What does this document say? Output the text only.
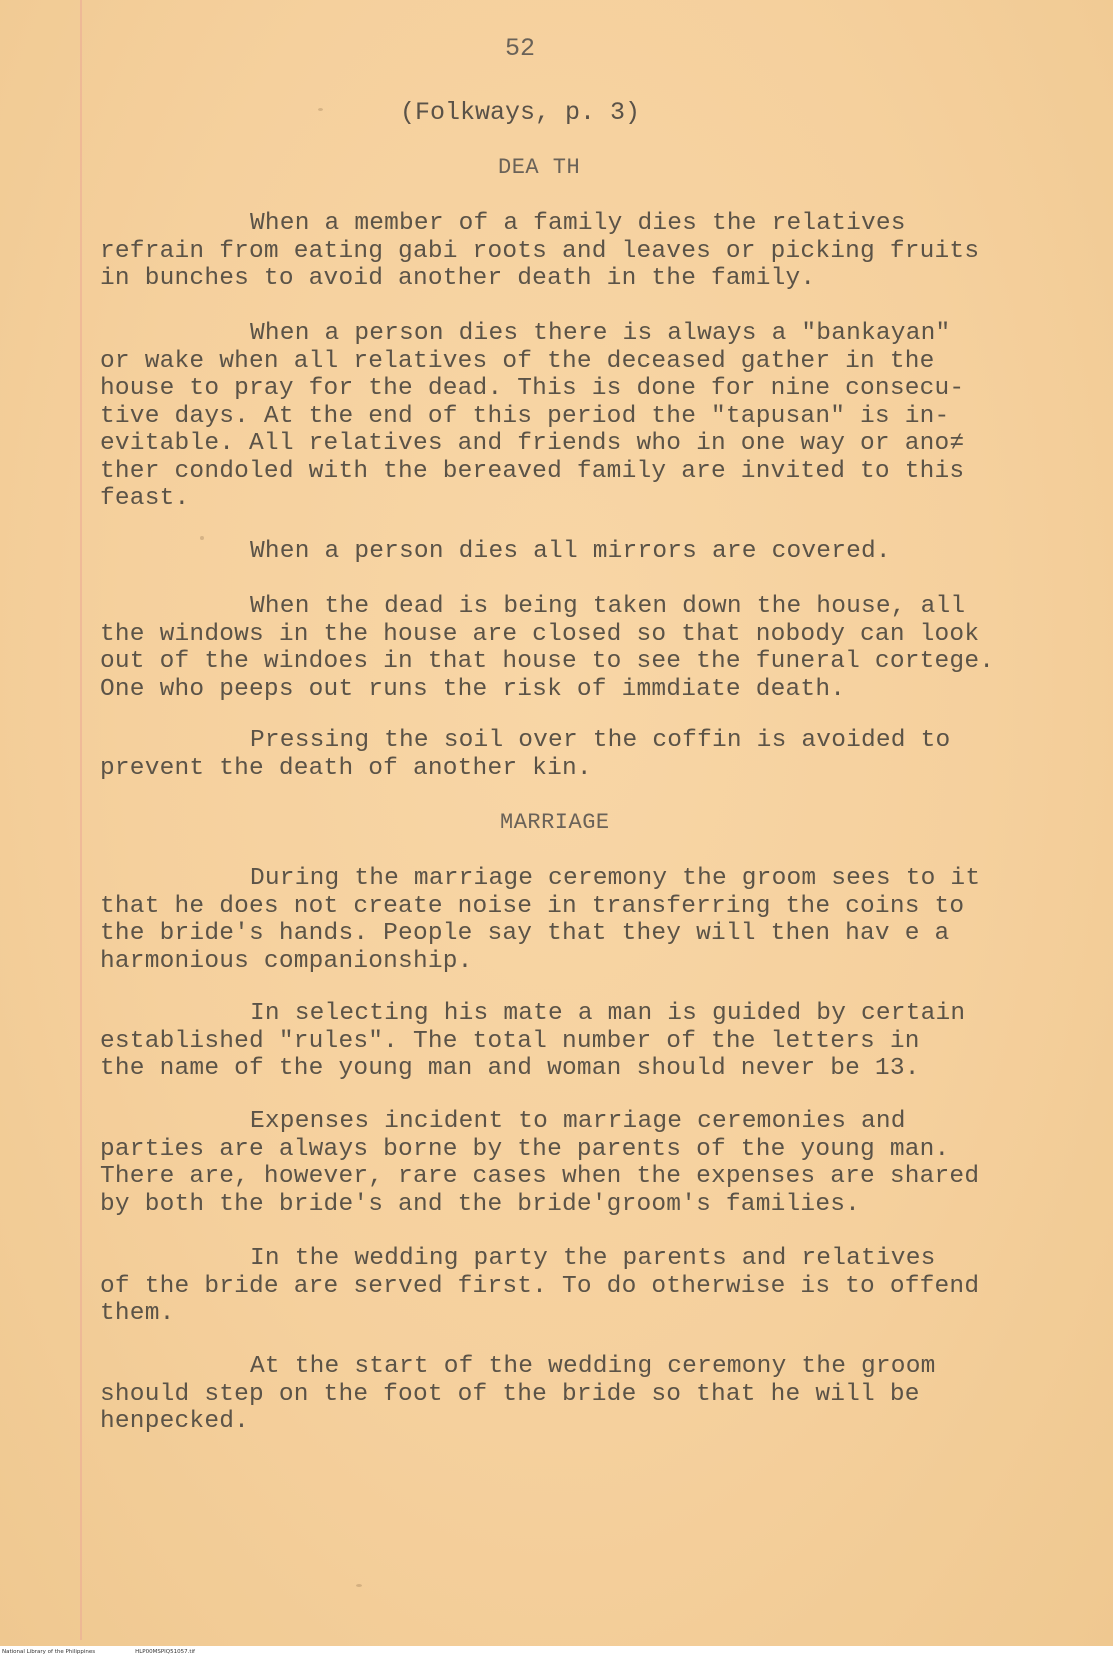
52
(Folkways, p. 3)
DEA TH
When a member of a family dies the relatives
refrain from eating gabi roots and leaves or picking fruits
in bunches to avoid another death in the family.
When a person dies there is always a "bankayan"
or wake when all relatives of the deceased gather in the
house to pray for the dead. This is done for nine consecu-
tive days. At the end of this period the "tapusan" is in-
evitable. All relatives and friends who in one way or ano≠
ther condoled with the bereaved family are invited to this
feast.
When a person dies all mirrors are covered.
When the dead is being taken down the house, all
the windows in the house are closed so that nobody can look
out of the windoes in that house to see the funeral cortege.
One who peeps out runs the risk of immdiate death.
Pressing the soil over the coffin is avoided to
prevent the death of another kin.
MARRIAGE
During the marriage ceremony the groom sees to it
that he does not create noise in transferring the coins to
the bride's hands. People say that they will then hav e a
harmonious companionship.
In selecting his mate a man is guided by certain
established "rules". The total number of the letters in
the name of the young man and woman should never be 13.
Expenses incident to marriage ceremonies and
parties are always borne by the parents of the young man.
There are, however, rare cases when the expenses are shared
by both the bride's and the bride'groom's families.
In the wedding party the parents and relatives
of the bride are served first. To do otherwise is to offend
them.
At the start of the wedding ceremony the groom
should step on the foot of the bride so that he will be
henpecked.
National Library of the Philippines	HLP00MSPIQ51057.tif
